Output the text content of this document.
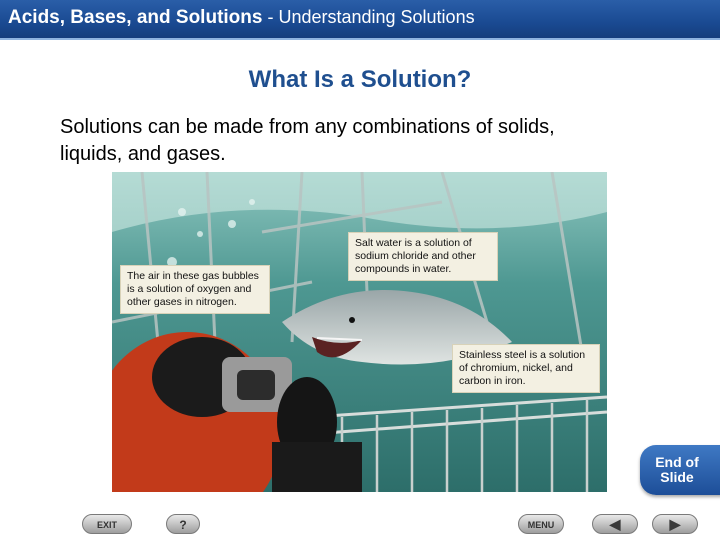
Acids, Bases, and Solutions - Understanding Solutions
What Is a Solution?
Solutions can be made from any combinations of solids,
liquids, and gases.
The air in these gas bubbles
is a solution of oxygen and
other gases in nitrogen.
Salt water is a solution of
sodium chloride and other
compounds in water.
Stainless steel is a solution
of chromium, nickel, and
carbon in iron.
End of
Slide
EXIT	?	MENU	◀	▶
